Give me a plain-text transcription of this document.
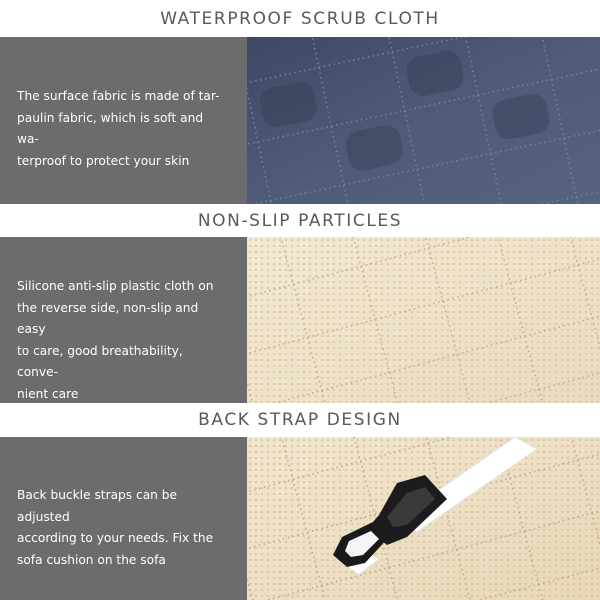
WATERPROOF SCRUB CLOTH

The surface fabric is made of tar-
paulin fabric, which is soft and wa-
terproof to protect your skin

NON-SLIP PARTICLES

Silicone anti-slip plastic cloth on
the reverse side, non-slip and easy
to care, good breathability, conve-
nient care

BACK STRAP DESIGN

Back buckle straps can be adjusted
according to your needs. Fix the
sofa cushion on the sofa
